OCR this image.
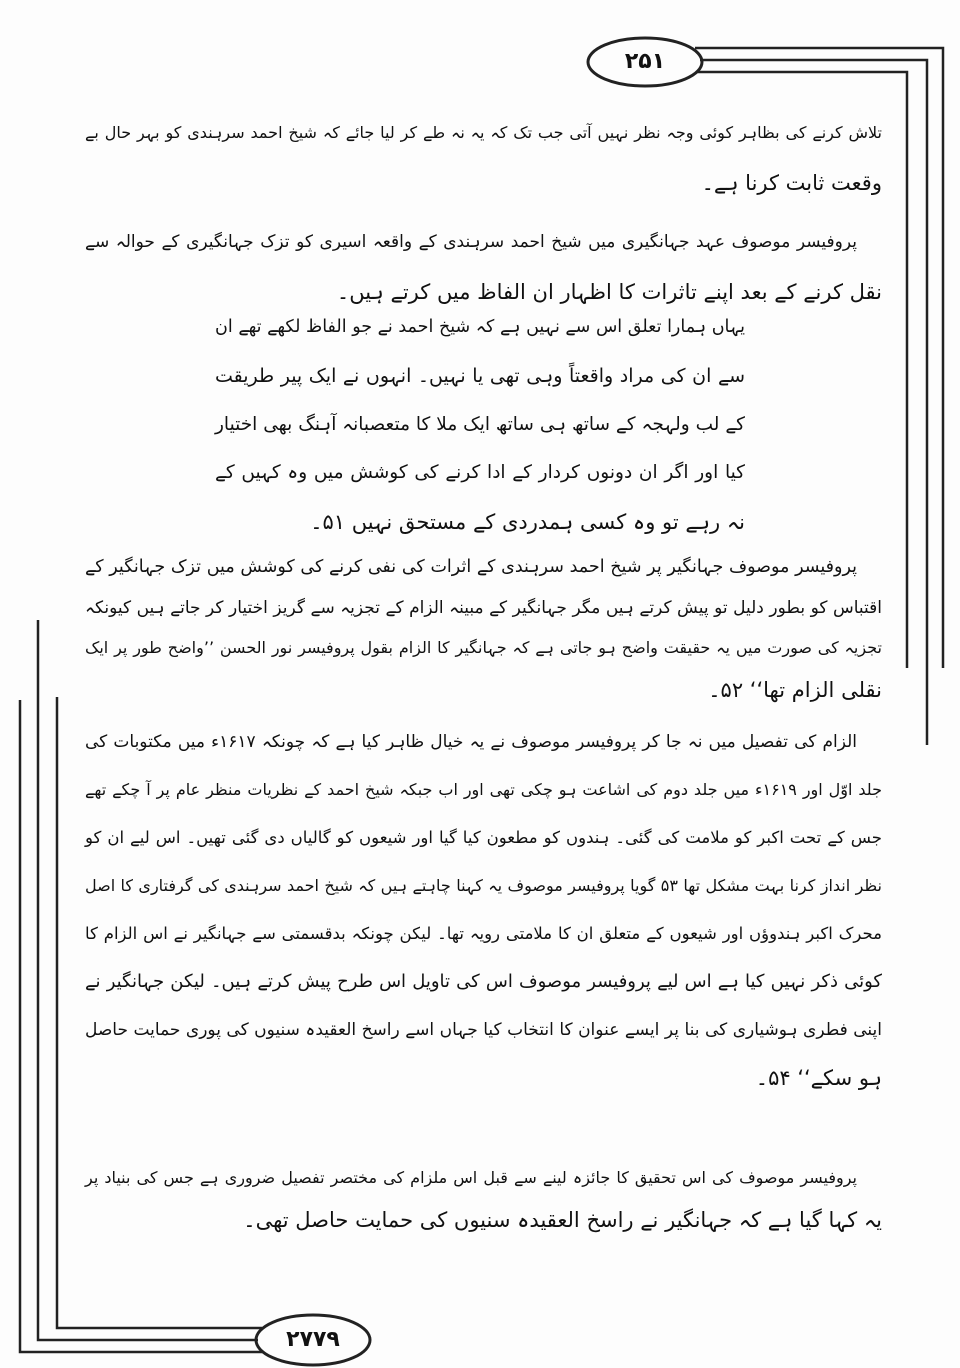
۲۵۱
۲۷۷۹
تلاش کرنے کی بظاہر کوئی وجہ نظر نہیں آتی جب تک کہ یہ نہ طے کر لیا جائے کہ شیخ احمد سرہندی کو بہر حال بے
وقعت ثابت کرنا ہے۔
پروفیسر موصوف عہد جہانگیری میں شیخ احمد سرہندی کے واقعہ اسیری کو تزک جہانگیری کے حوالہ سے
نقل کرنے کے بعد اپنے تاثرات کا اظہار ان الفاظ میں کرتے ہیں۔
یہاں ہمارا تعلق اس سے نہیں ہے کہ شیخ احمد نے جو الفاظ لکھے تھے ان
سے ان کی مراد واقعتاً وہی تھی یا نہیں۔ انہوں نے ایک پیر طریقت
کے لب ولہجہ کے ساتھ ہی ساتھ ایک ملا کا متعصبانہ آہنگ بھی اختیار
کیا اور اگر ان دونوں کردار کے ادا کرنے کی کوشش میں وہ کہیں کے
نہ رہے تو وہ کسی ہمدردی کے مستحق نہیں ۵۱۔
پروفیسر موصوف جہانگیر پر شیخ احمد سرہندی کے اثرات کی نفی کرنے کی کوشش میں تزک جہانگیر کے
اقتباس کو بطور دلیل تو پیش کرتے ہیں مگر جہانگیر کے مبینہ الزام کے تجزیہ سے گریز اختیار کر جاتے ہیں کیونکہ
تجزیہ کی صورت میں یہ حقیقت واضح ہو جاتی ہے کہ جہانگیر کا الزام بقول پروفیسر نور الحسن ’’واضح طور پر ایک
نقلی الزام تھا‘‘ ۵۲۔
الزام کی تفصیل میں نہ جا کر پروفیسر موصوف نے یہ خیال ظاہر کیا ہے کہ چونکہ ۱۶۱۷ء میں مکتوبات کی
جلد اوّل اور ۱۶۱۹ء میں جلد دوم کی اشاعت ہو چکی تھی اور اب جبکہ شیخ احمد کے نظریات منظر عام پر آ چکے تھے
جس کے تحت اکبر کو ملامت کی گئی۔ ہندوں کو مطعون کیا گیا اور شیعوں کو گالیاں دی گئی تھیں۔ اس لیے ان کو
نظر انداز کرنا بہت مشکل تھا ۵۳ گویا پروفیسر موصوف یہ کہنا چاہتے ہیں کہ شیخ احمد سرہندی کی گرفتاری کا اصل
محرک اکبر ہندوؤں اور شیعوں کے متعلق ان کا ملامتی رویہ تھا۔ لیکن چونکہ بدقسمتی سے جہانگیر نے اس الزام کا
کوئی ذکر نہیں کیا ہے اس لیے پروفیسر موصوف اس کی تاویل اس طرح پیش کرتے ہیں۔ لیکن جہانگیر نے
اپنی فطری ہوشیاری کی بنا پر ایسے عنوان کا انتخاب کیا جہاں اسے راسخ العقیدہ سنیوں کی پوری حمایت حاصل
ہو سکے‘‘ ۵۴۔
پروفیسر موصوف کی اس تحقیق کا جائزہ لینے سے قبل اس ملزام کی مختصر تفصیل ضروری ہے جس کی بنیاد پر
یہ کہا گیا ہے کہ جہانگیر نے راسخ العقیدہ سنیوں کی حمایت حاصل تھی۔
